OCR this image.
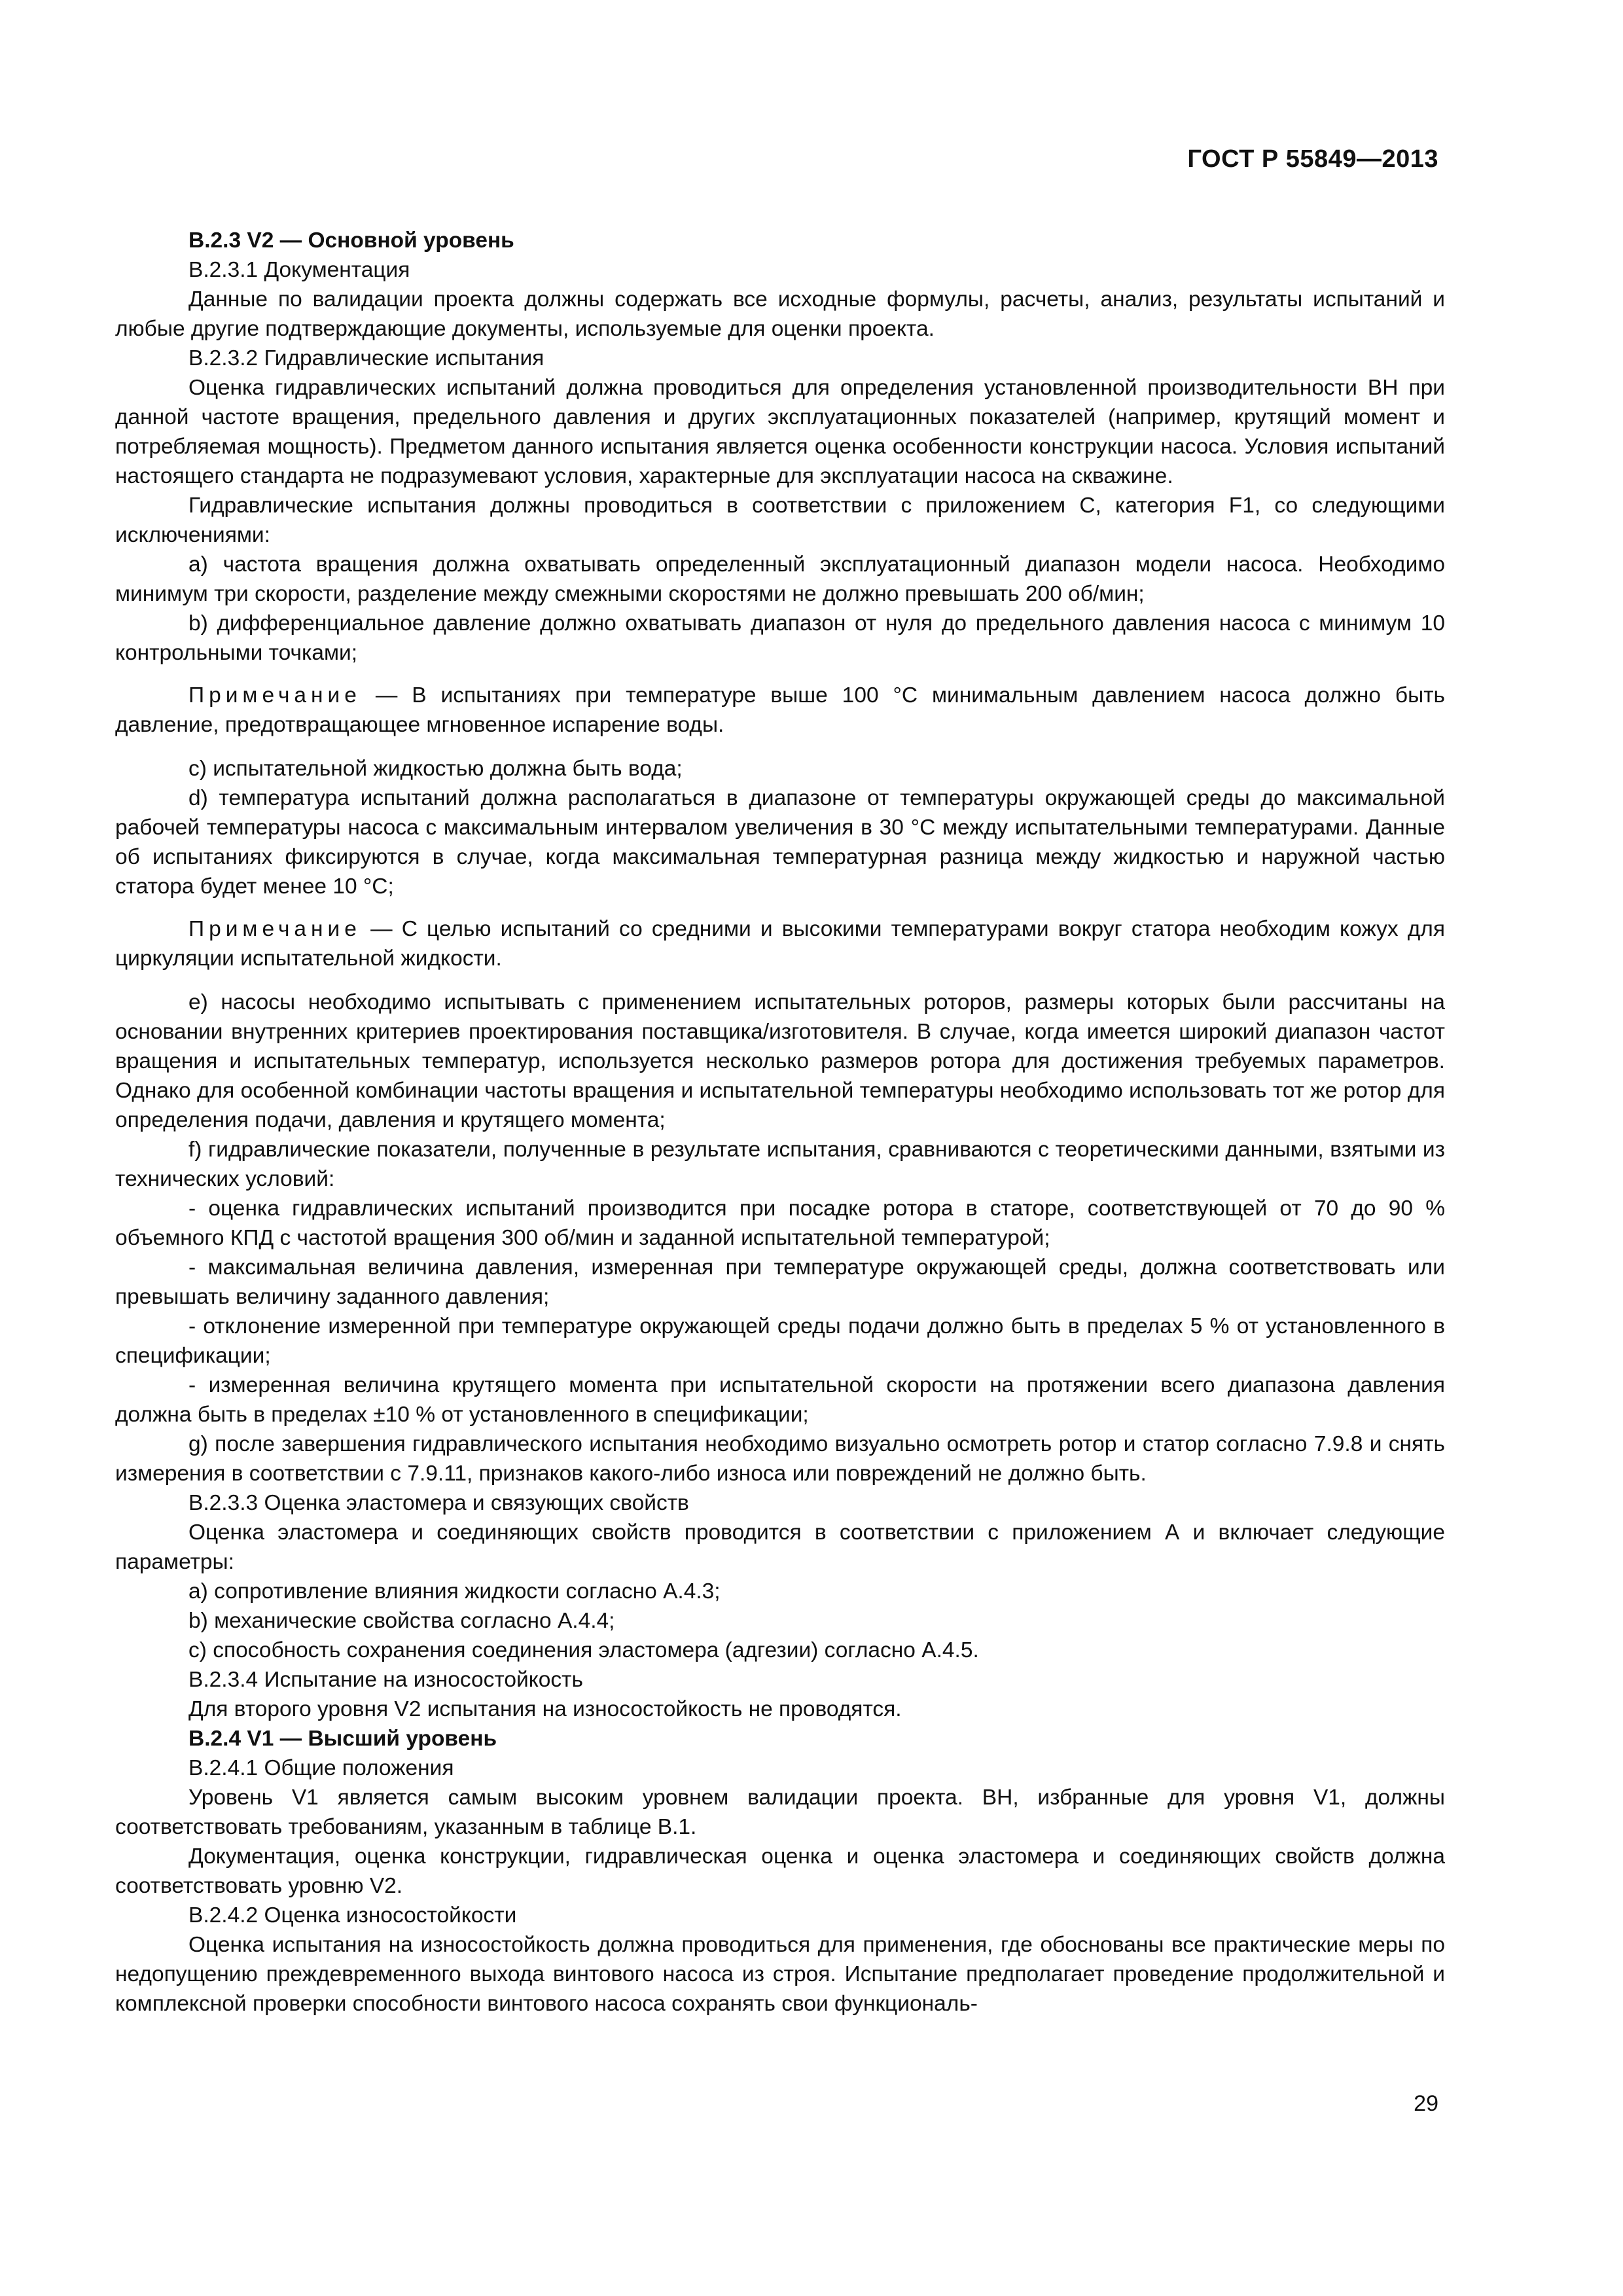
ГОСТ Р 55849—2013

B.2.3 V2 — Основной уровень

B.2.3.1 Документация

Данные по валидации проекта должны содержать все исходные формулы, расчеты, анализ, результаты испытаний и любые другие подтверждающие документы, используемые для оценки проекта.

B.2.3.2 Гидравлические испытания

Оценка гидравлических испытаний должна проводиться для определения установленной производительности ВН при данной частоте вращения, предельного давления и других эксплуатационных показателей (например, крутящий момент и потребляемая мощность). Предметом данного испытания является оценка особенности конструкции насоса. Условия испытаний настоящего стандарта не подразумевают условия, характерные для эксплуатации насоса на скважине.

Гидравлические испытания должны проводиться в соответствии с приложением С, категория F1, со следующими исключениями:

a) частота вращения должна охватывать определенный эксплуатационный диапазон модели насоса. Необходимо минимум три скорости, разделение между смежными скоростями не должно превышать 200 об/мин;

b) дифференциальное давление должно охватывать диапазон от нуля до предельного давления насоса с минимум 10 контрольными точками;

Примечание — В испытаниях при температуре выше 100 °С минимальным давлением насоса должно быть давление, предотвращающее мгновенное испарение воды.

c) испытательной жидкостью должна быть вода;

d) температура испытаний должна располагаться в диапазоне от температуры окружающей среды до максимальной рабочей температуры насоса с максимальным интервалом увеличения в 30 °С между испытательными температурами. Данные об испытаниях фиксируются в случае, когда максимальная температурная разница между жидкостью и наружной частью статора будет менее 10 °С;

Примечание — С целью испытаний со средними и высокими температурами вокруг статора необходим кожух для циркуляции испытательной жидкости.

e) насосы необходимо испытывать с применением испытательных роторов, размеры которых были рассчитаны на основании внутренних критериев проектирования поставщика/изготовителя. В случае, когда имеется широкий диапазон частот вращения и испытательных температур, используется несколько размеров ротора для достижения требуемых параметров. Однако для особенной комбинации частоты вращения и испытательной температуры необходимо использовать тот же ротор для определения подачи, давления и крутящего момента;

f) гидравлические показатели, полученные в результате испытания, сравниваются с теоретическими данными, взятыми из технических условий:

- оценка гидравлических испытаний производится при посадке ротора в статоре, соответствующей от 70 до 90 % объемного КПД с частотой вращения 300 об/мин и заданной испытательной температурой;

- максимальная величина давления, измеренная при температуре окружающей среды, должна соответствовать или превышать величину заданного давления;

- отклонение измеренной при температуре окружающей среды подачи должно быть в пределах 5 % от установленного в спецификации;

- измеренная величина крутящего момента при испытательной скорости на протяжении всего диапазона давления должна быть в пределах ±10 % от установленного в спецификации;

g) после завершения гидравлического испытания необходимо визуально осмотреть ротор и статор согласно 7.9.8 и снять измерения в соответствии с 7.9.11, признаков какого-либо износа или повреждений не должно быть.

B.2.3.3 Оценка эластомера и связующих свойств

Оценка эластомера и соединяющих свойств проводится в соответствии с приложением А и включает следующие параметры:

a) сопротивление влияния жидкости согласно А.4.3;

b) механические свойства согласно А.4.4;

c) способность сохранения соединения эластомера (адгезии) согласно А.4.5.

B.2.3.4 Испытание на износостойкость

Для второго уровня V2 испытания на износостойкость не проводятся.

B.2.4 V1 — Высший уровень

B.2.4.1 Общие положения

Уровень V1 является самым высоким уровнем валидации проекта. ВН, избранные для уровня V1, должны соответствовать требованиям, указанным в таблице В.1.

Документация, оценка конструкции, гидравлическая оценка и оценка эластомера и соединяющих свойств должна соответствовать уровню V2.

B.2.4.2 Оценка износостойкости

Оценка испытания на износостойкость должна проводиться для применения, где обоснованы все практические меры по недопущению преждевременного выхода винтового насоса из строя. Испытание предполагает проведение продолжительной и комплексной проверки способности винтового насоса сохранять свои функциональ-

29
